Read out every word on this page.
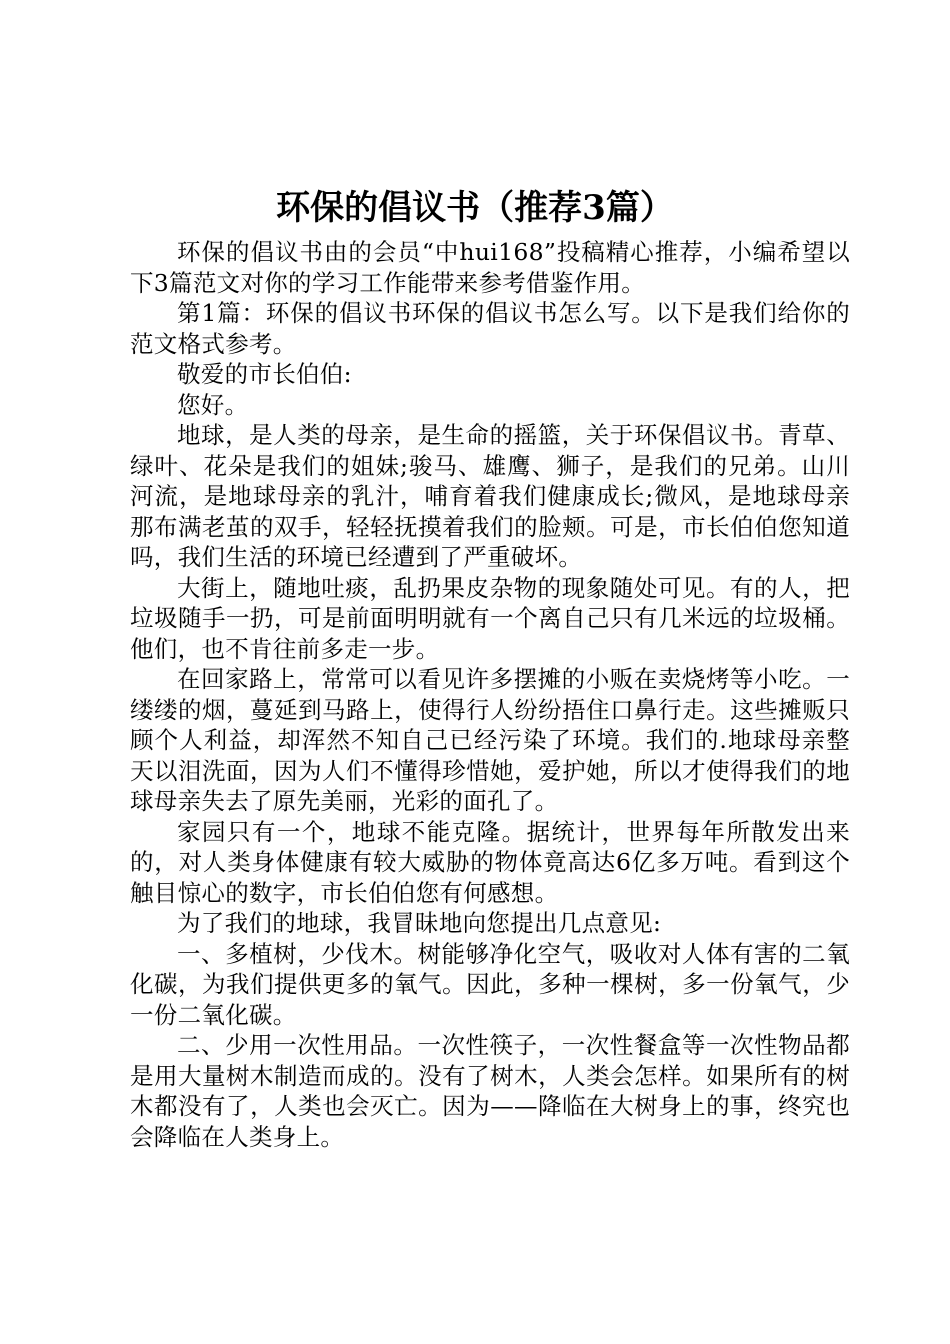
环保的倡议书（推荐3篇）

环保的倡议书由的会员“中hui168”投稿精心推荐，小编希望以下3篇范文对你的学习工作能带来参考借鉴作用。

第1篇：环保的倡议书环保的倡议书怎么写。以下是我们给你的范文格式参考。

敬爱的市长伯伯:

您好。

地球，是人类的母亲，是生命的摇篮，关于环保倡议书。青草、绿叶、花朵是我们的姐妹;骏马、雄鹰、狮子，是我们的兄弟。山川河流，是地球母亲的乳汁，哺育着我们健康成长;微风，是地球母亲那布满老茧的双手，轻轻抚摸着我们的脸颊。可是，市长伯伯您知道吗，我们生活的环境已经遭到了严重破坏。

大街上，随地吐痰，乱扔果皮杂物的现象随处可见。有的人，把垃圾随手一扔，可是前面明明就有一个离自己只有几米远的垃圾桶。他们，也不肯往前多走一步。

在回家路上，常常可以看见许多摆摊的小贩在卖烧烤等小吃。一缕缕的烟，蔓延到马路上，使得行人纷纷捂住口鼻行走。这些摊贩只顾个人利益，却浑然不知自己已经污染了环境。我们的.地球母亲整天以泪洗面，因为人们不懂得珍惜她，爱护她，所以才使得我们的地球母亲失去了原先美丽，光彩的面孔了。

家园只有一个，地球不能克隆。据统计，世界每年所散发出来的，对人类身体健康有较大威胁的物体竟高达6亿多万吨。看到这个触目惊心的数字，市长伯伯您有何感想。

为了我们的地球，我冒昧地向您提出几点意见:

一、多植树，少伐木。树能够净化空气，吸收对人体有害的二氧化碳，为我们提供更多的氧气。因此，多种一棵树，多一份氧气，少一份二氧化碳。

二、少用一次性用品。一次性筷子，一次性餐盒等一次性物品都是用大量树木制造而成的。没有了树木，人类会怎样。如果所有的树木都没有了，人类也会灭亡。因为——降临在大树身上的事，终究也会降临在人类身上。
